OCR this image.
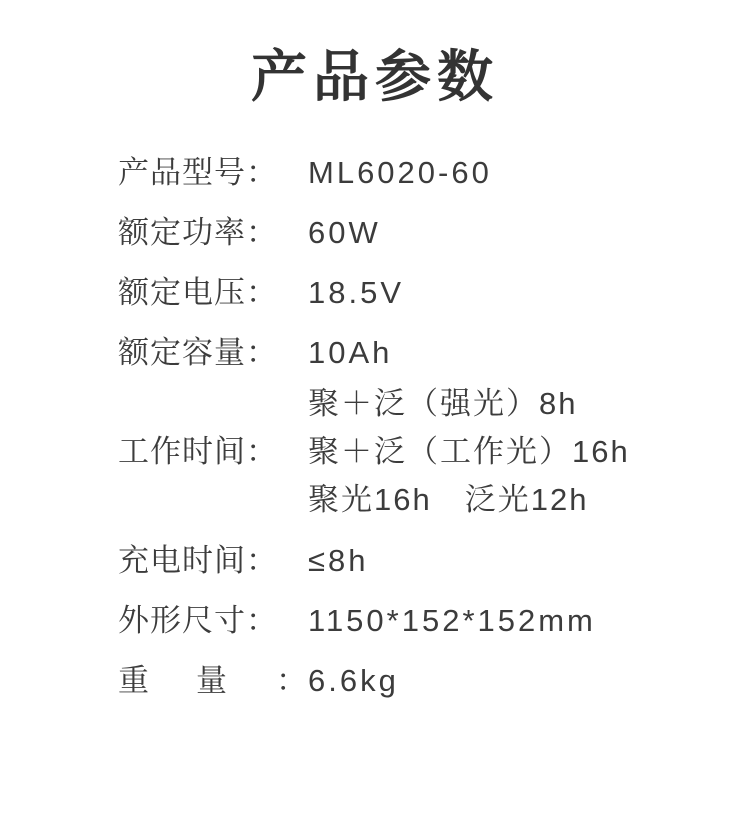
产品参数
产品型号： ML6020-60
额定功率： 60W
额定电压： 18.5V
额定容量： 10Ah
工作时间：
聚＋泛（强光）8h
聚＋泛（工作光）16h
聚光16h　泛光12h
充电时间： ≤8h
外形尺寸： 1150*152*152mm
重 量 ： 6.6kg
